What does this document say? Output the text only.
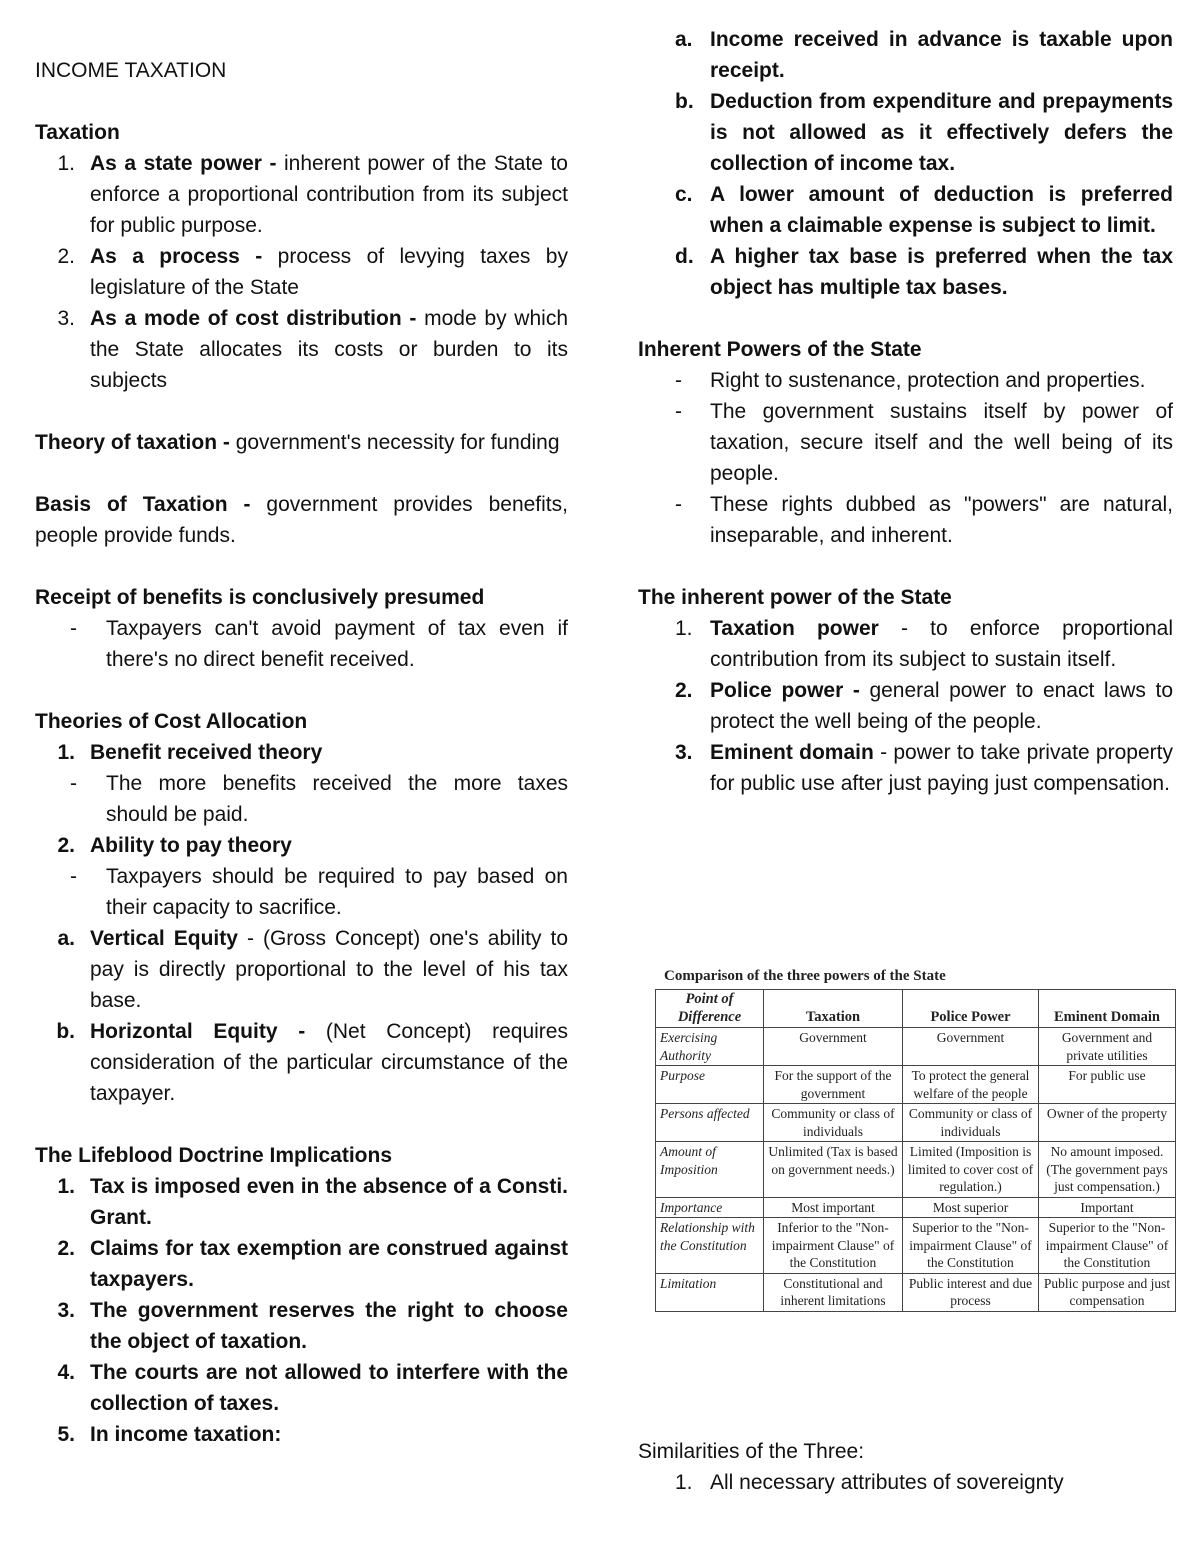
INCOME TAXATION

Taxation

1. As a state power - inherent power of the State to enforce a proportional contribution from its subject for public purpose.
2. As a process - process of levying taxes by legislature of the State
3. As a mode of cost distribution - mode by which the State allocates its costs or burden to its subjects

Theory of taxation - government's necessity for funding

Basis of Taxation - government provides benefits, people provide funds.

Receipt of benefits is conclusively presumed

-	Taxpayers can't avoid payment of tax even if there's no direct benefit received.

Theories of Cost Allocation

1. Benefit received theory
-	The more benefits received the more taxes should be paid.
2. Ability to pay theory
-	Taxpayers should be required to pay based on their capacity to sacrifice.
a. Vertical Equity - (Gross Concept) one's ability to pay is directly proportional to the level of his tax base.
b. Horizontal Equity - (Net Concept) requires consideration of the particular circumstance of the taxpayer.

The Lifeblood Doctrine Implications

1. Tax is imposed even in the absence of a Consti. Grant.
2. Claims for tax exemption are construed against taxpayers.
3. The government reserves the right to choose the object of taxation.
4. The courts are not allowed to interfere with the collection of taxes.
5. In income taxation:
a. Income received in advance is taxable upon receipt.
b. Deduction from expenditure and prepayments is not allowed as it effectively defers the collection of income tax.
c. A lower amount of deduction is preferred when a claimable expense is subject to limit.
d. A higher tax base is preferred when the tax object has multiple tax bases.

Inherent Powers of the State

-	Right to sustenance, protection and properties.
-	The government sustains itself by power of taxation, secure itself and the well being of its people.
-	These rights dubbed as "powers" are natural, inseparable, and inherent.

The inherent power of the State

1. Taxation power - to enforce proportional contribution from its subject to sustain itself.
2. Police power - general power to enact laws to protect the well being of the people.
3. Eminent domain - power to take private property for public use after just paying just compensation.
Comparison of the three powers of the State
Point of Difference	Taxation	Police Power	Eminent Domain
Exercising Authority	Government	Government	Government and private utilities
Purpose	For the support of the government	To protect the general welfare of the people	For public use
Persons affected	Community or class of individuals	Community or class of individuals	Owner of the property
Amount of Imposition	Unlimited (Tax is based on government needs.)	Limited (Imposition is limited to cover cost of regulation.)	No amount imposed. (The government pays just compensation.)
Importance	Most important	Most superior	Important
Relationship with the Constitution	Inferior to the "Non-impairment Clause" of the Constitution	Superior to the "Non-impairment Clause" of the Constitution	Superior to the "Non-impairment Clause" of the Constitution
Limitation	Constitutional and inherent limitations	Public interest and due process	Public purpose and just compensation

Similarities of the Three:

1. All necessary attributes of sovereignty
